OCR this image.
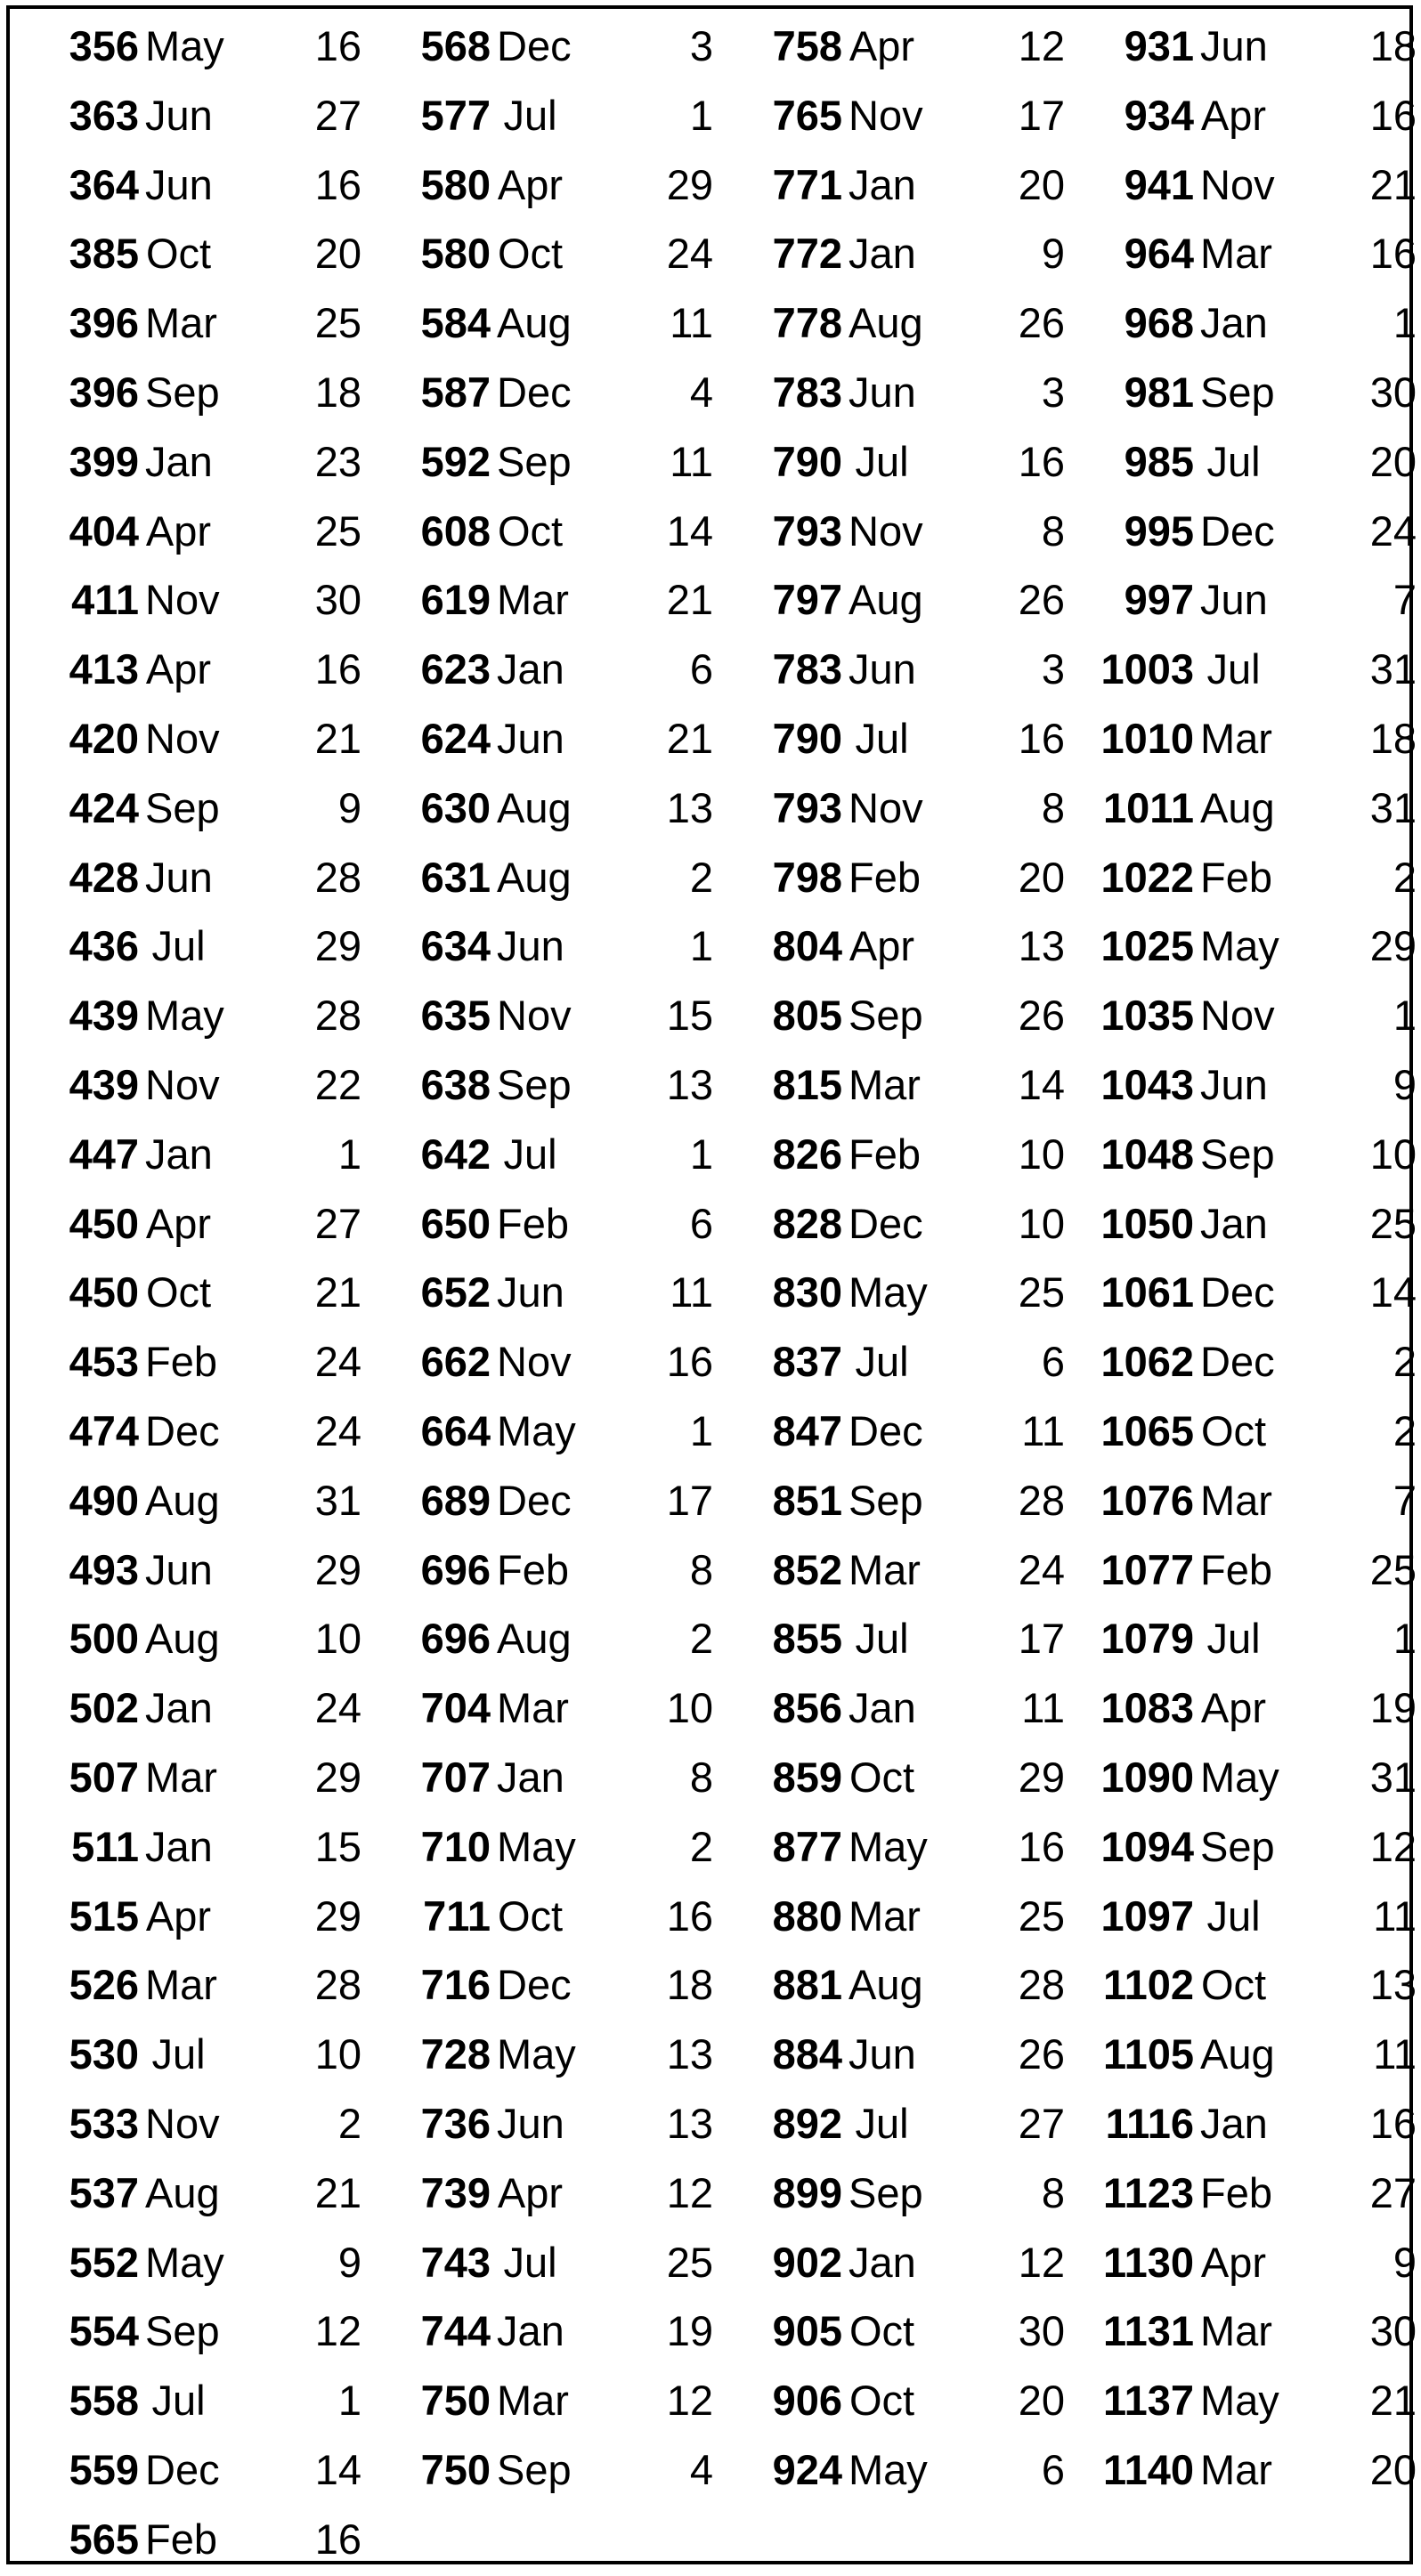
356 May	16
363 Jun	27
364 Jun	16
385 Oct	20
396 Mar	25
396 Sep	18
399 Jan	23
404 Apr	25
411 Nov	30
413 Apr	16
420 Nov	21
424 Sep	9
428 Jun	28
436 Jul	29
439 May	28
439 Nov	22
447 Jan	1
450 Apr	27
450 Oct	21
453 Feb	24
474 Dec	24
490 Aug	31
493 Jun	29
500 Aug	10
502 Jan	24
507 Mar	29
511 Jan	15
515 Apr	29
526 Mar	28
530 Jul	10
533 Nov	2
537 Aug	21
552 May	9
554 Sep	12
558 Jul	1
559 Dec	14
565 Feb	16
568 Dec	3
577 Jul	1
580 Apr	29
580 Oct	24
584 Aug	11
587 Dec	4
592 Sep	11
608 Oct	14
619 Mar	21
623 Jan	6
624 Jun	21
630 Aug	13
631 Aug	2
634 Jun	1
635 Nov	15
638 Sep	13
642 Jul	1
650 Feb	6
652 Jun	11
662 Nov	16
664 May	1
689 Dec	17
696 Feb	8
696 Aug	2
704 Mar	10
707 Jan	8
710 May	2
711 Oct	16
716 Dec	18
728 May	13
736 Jun	13
739 Apr	12
743 Jul	25
744 Jan	19
750 Mar	12
750 Sep	4
758 Apr	12
765 Nov	17
771 Jan	20
772 Jan	9
778 Aug	26
783 Jun	3
790 Jul	16
793 Nov	8
797 Aug	26
783 Jun	3
790 Jul	16
793 Nov	8
798 Feb	20
804 Apr	13
805 Sep	26
815 Mar	14
826 Feb	10
828 Dec	10
830 May	25
837 Jul	6
847 Dec	11
851 Sep	28
852 Mar	24
855 Jul	17
856 Jan	11
859 Oct	29
877 May	16
880 Mar	25
881 Aug	28
884 Jun	26
892 Jul	27
899 Sep	8
902 Jan	12
905 Oct	30
906 Oct	20
924 May	6
931 Jun	18
934 Apr	16
941 Nov	21
964 Mar	16
968 Jan	1
981 Sep	30
985 Jul	20
995 Dec	24
997 Jun	7
1003 Jul	31
1010 Mar	18
1011 Aug	31
1022 Feb	2
1025 May	29
1035 Nov	1
1043 Jun	9
1048 Sep	10
1050 Jan	25
1061 Dec	14
1062 Dec	2
1065 Oct	2
1076 Mar	7
1077 Feb	25
1079 Jul	1
1083 Apr	19
1090 May	31
1094 Sep	12
1097 Jul	11
1102 Oct	13
1105 Aug	11
1116 Jan	16
1123 Feb	27
1130 Apr	9
1131 Mar	30
1137 May	21
1140 Mar	20
